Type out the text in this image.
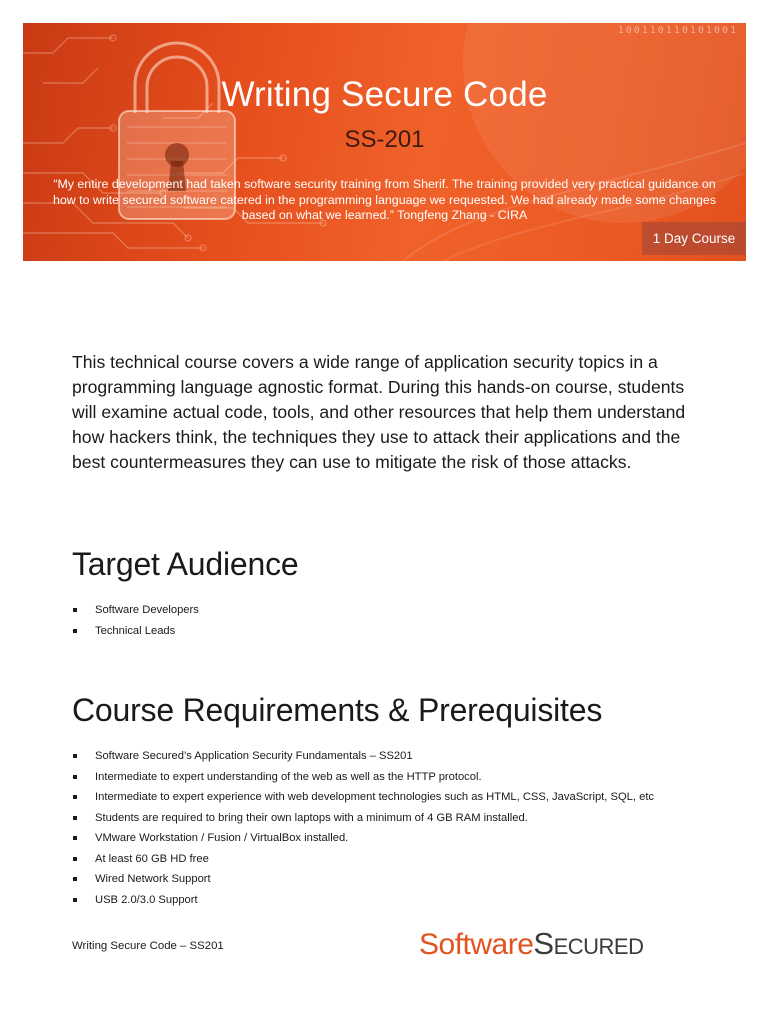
100110110101001
Writing Secure Code
SS-201
“My entire development had taken software security training from Sherif. The training provided very practical guidance on how to write secured software catered in the programming language we requested. We had already made some changes based on what we learned.” Tongfeng Zhang - CIRA
1 Day Course

This technical course covers a wide range of application security topics in a programming language agnostic format. During this hands-on course, students will examine actual code, tools, and other resources that help them understand how hackers think, the techniques they use to attack their applications and the best countermeasures they can use to mitigate the risk of those attacks.

Target Audience
Software Developers
Technical Leads
Course Requirements & Prerequisites
Software Secured’s Application Security Fundamentals – SS201
Intermediate to expert understanding of the web as well as the HTTP protocol.
Intermediate to expert experience with web development technologies such as HTML, CSS, JavaScript, SQL, etc
Students are required to bring their own laptops with a minimum of 4 GB RAM installed.
VMware Workstation / Fusion / VirtualBox installed.
At least 60 GB HD free
Wired Network Support
USB 2.0/3.0 Support
Writing Secure Code – SS201	SoftwareSecured
